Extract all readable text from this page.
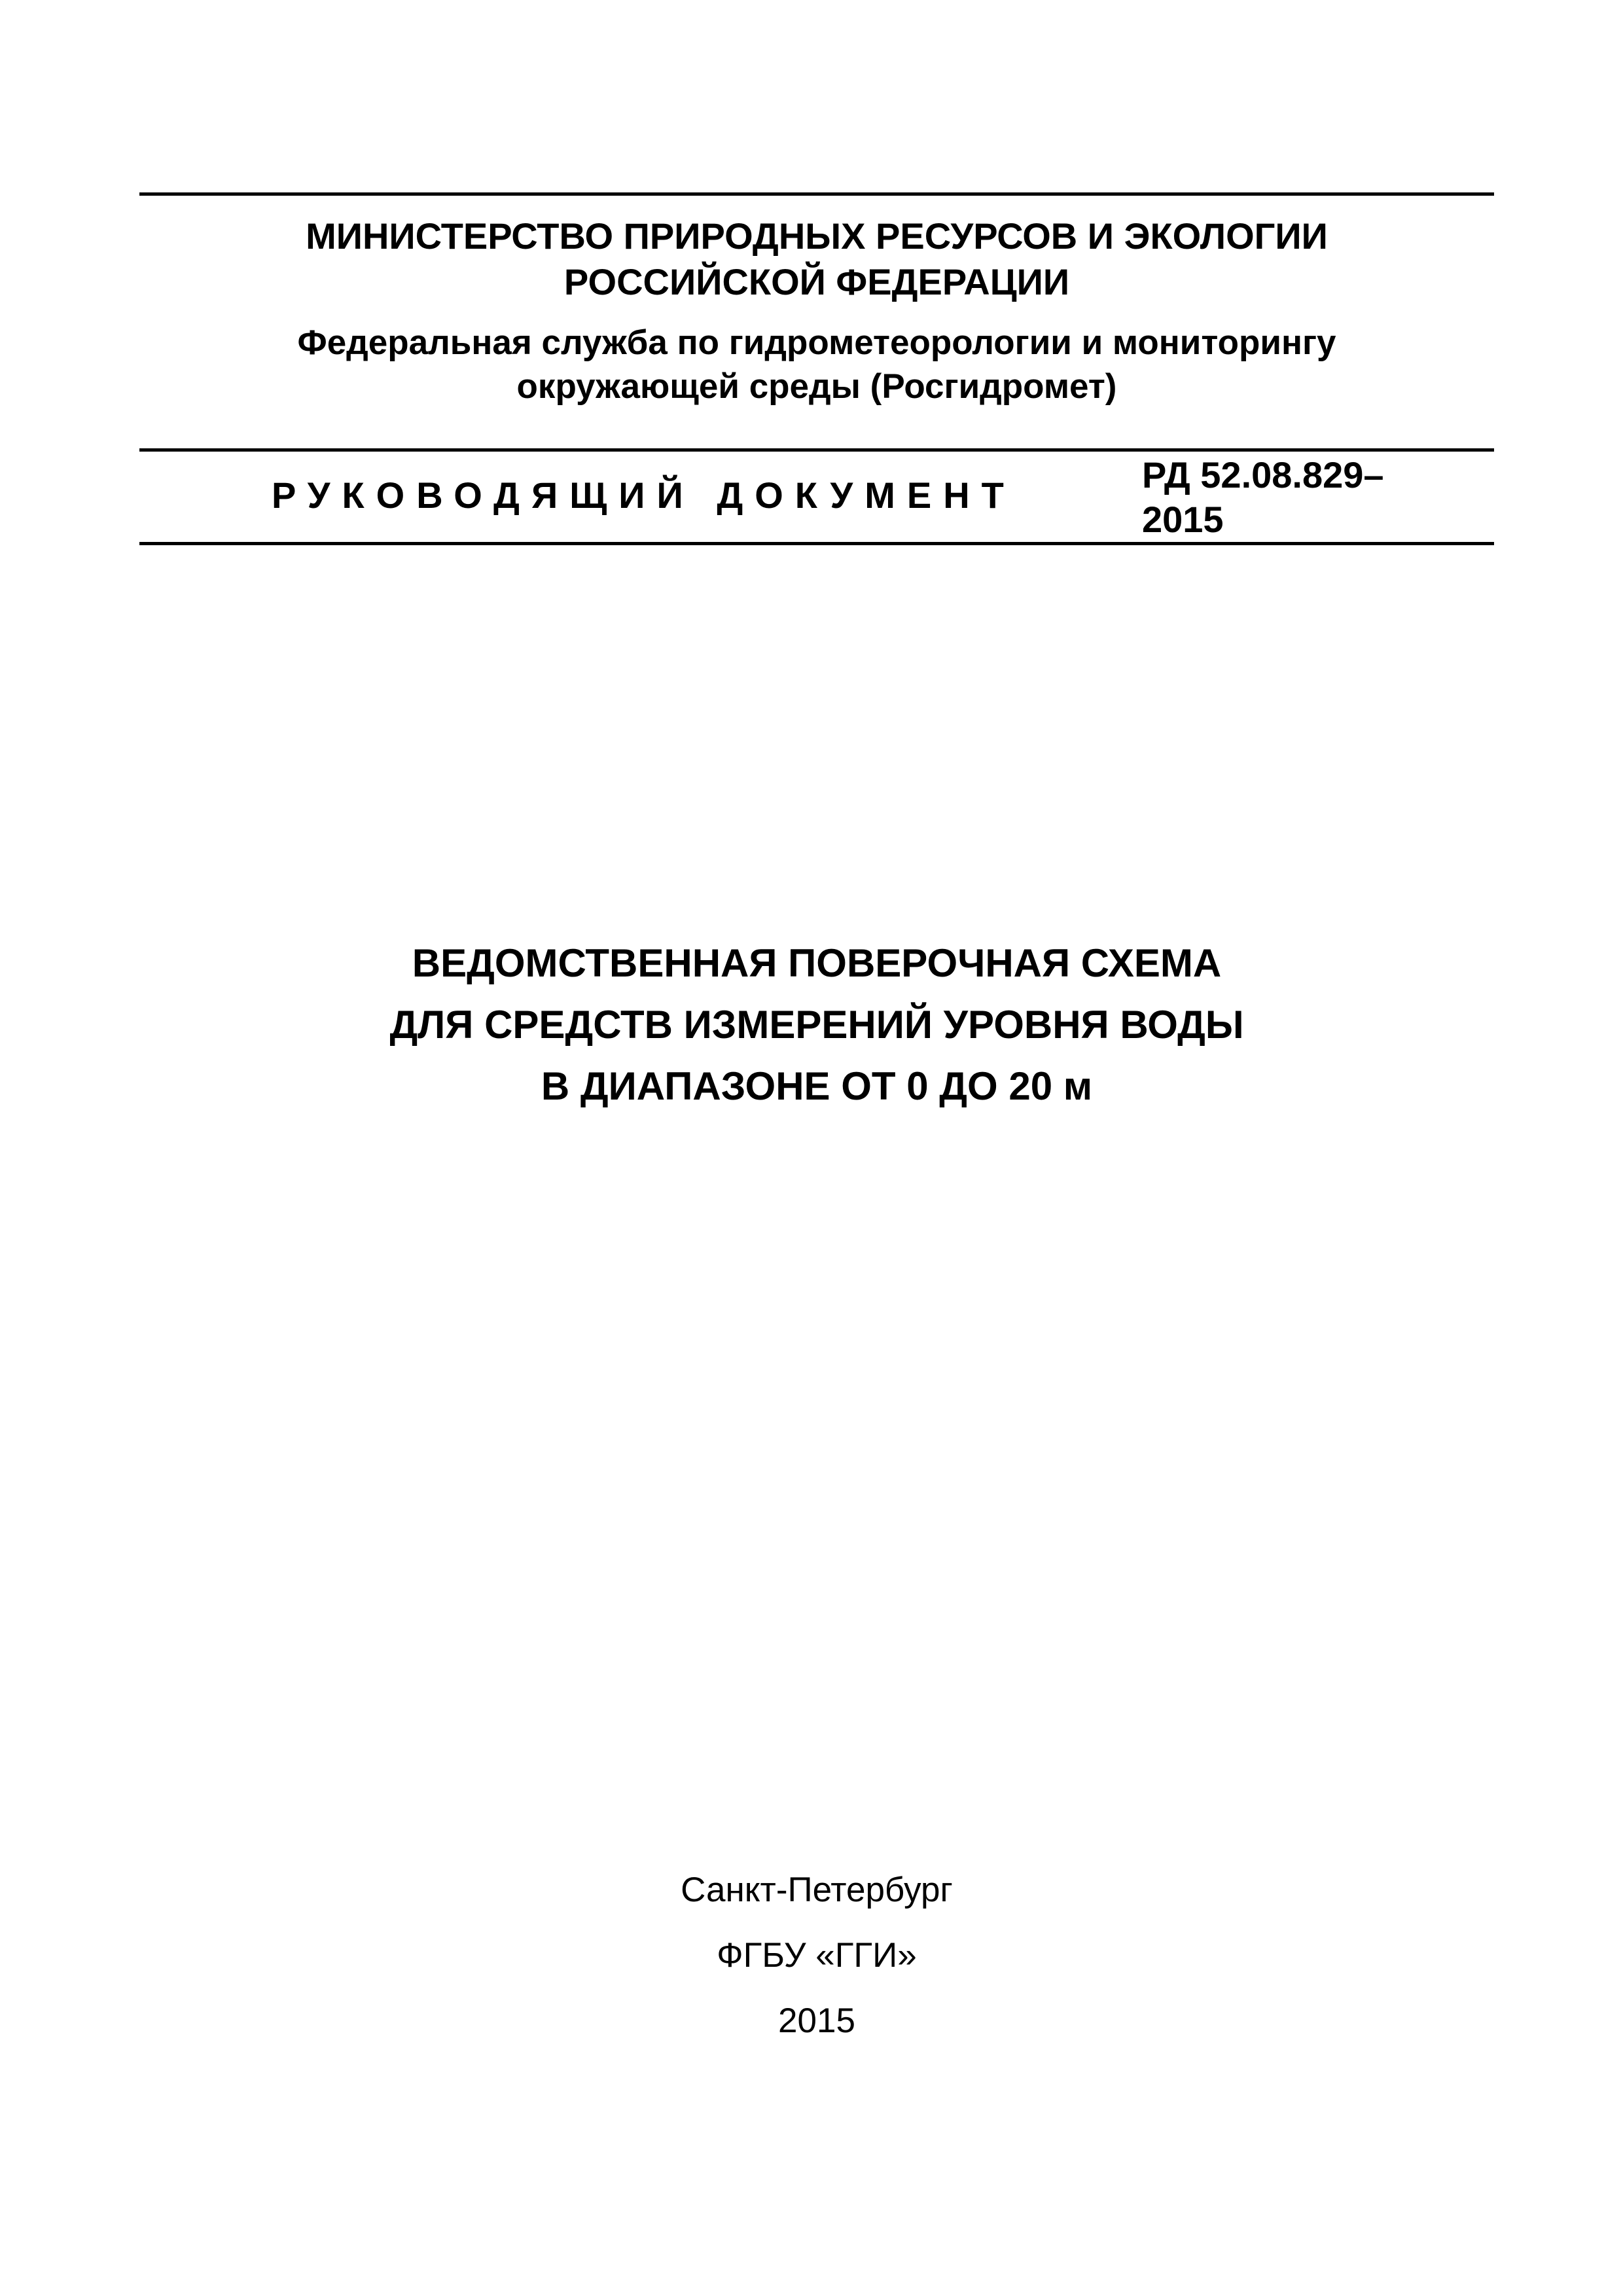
МИНИСТЕРСТВО ПРИРОДНЫХ РЕСУРСОВ И ЭКОЛОГИИ
РОССИЙСКОЙ ФЕДЕРАЦИИ
Федеральная служба по гидрометеорологии и мониторингу
окружающей среды (Росгидромет)
РУКОВОДЯЩИЙ ДОКУМЕНТ	РД 52.08.829–
2015
ВЕДОМСТВЕННАЯ ПОВЕРОЧНАЯ СХЕМА
ДЛЯ СРЕДСТВ ИЗМЕРЕНИЙ УРОВНЯ ВОДЫ
В ДИАПАЗОНЕ ОТ 0 ДО 20 м
Санкт-Петербург
ФГБУ «ГГИ»
2015
